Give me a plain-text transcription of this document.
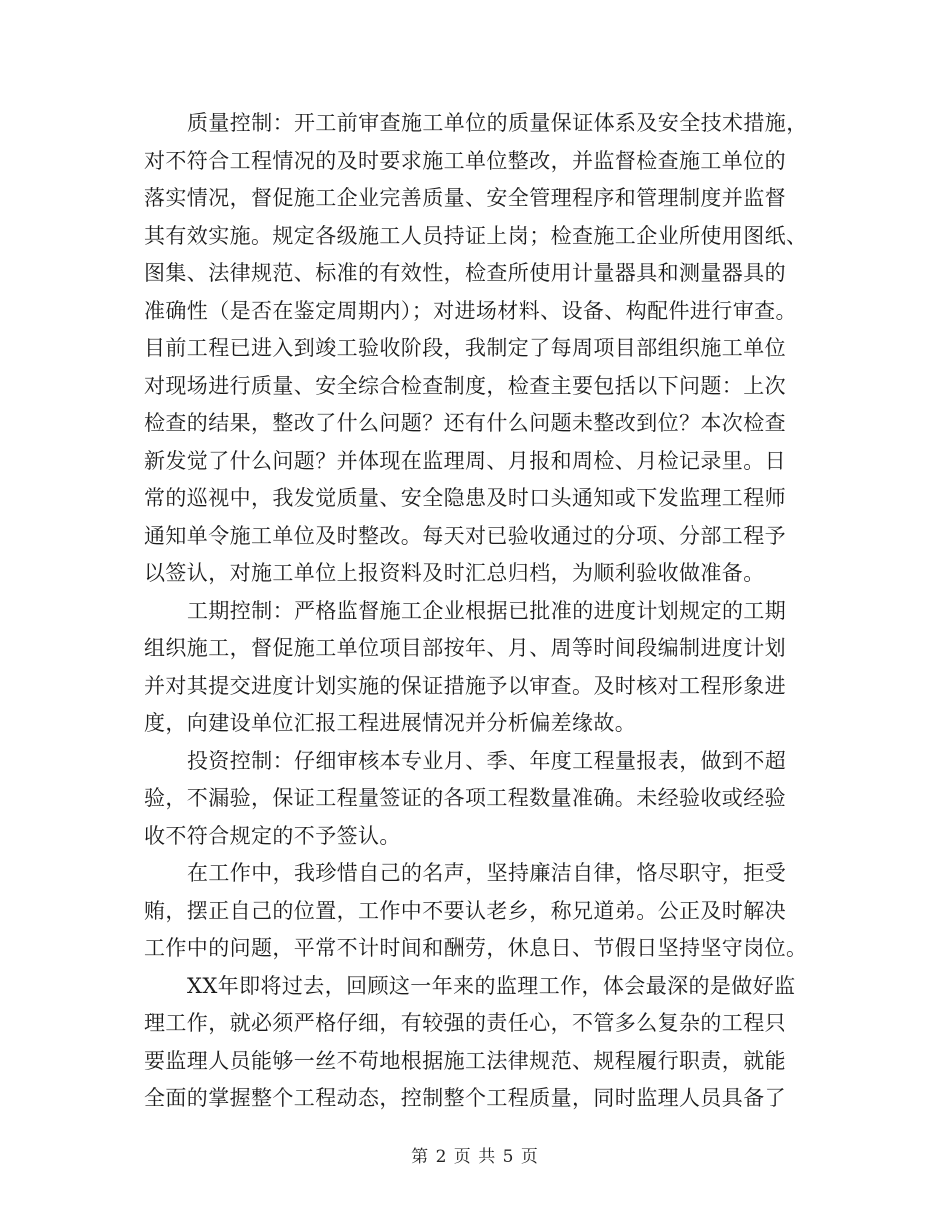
质量控制：开工前审查施工单位的质量保证体系及安全技术措施，
对不符合工程情况的及时要求施工单位整改，并监督检查施工单位的
落实情况，督促施工企业完善质量、安全管理程序和管理制度并监督
其有效实施。规定各级施工人员持证上岗；检查施工企业所使用图纸、
图集、法律规范、标准的有效性，检查所使用计量器具和测量器具的
准确性（是否在鉴定周期内）；对进场材料、设备、构配件进行审查。
目前工程已进入到竣工验收阶段，我制定了每周项目部组织施工单位
对现场进行质量、安全综合检查制度，检查主要包括以下问题：上次
检查的结果，整改了什么问题？还有什么问题未整改到位？本次检查
新发觉了什么问题？并体现在监理周、月报和周检、月检记录里。日
常的巡视中，我发觉质量、安全隐患及时口头通知或下发监理工程师
通知单令施工单位及时整改。每天对已验收通过的分项、分部工程予
以签认，对施工单位上报资料及时汇总归档，为顺利验收做准备。
工期控制：严格监督施工企业根据已批准的进度计划规定的工期
组织施工，督促施工单位项目部按年、月、周等时间段编制进度计划
并对其提交进度计划实施的保证措施予以审查。及时核对工程形象进
度，向建设单位汇报工程进展情况并分析偏差缘故。
投资控制：仔细审核本专业月、季、年度工程量报表，做到不超
验，不漏验，保证工程量签证的各项工程数量准确。未经验收或经验
收不符合规定的不予签认。
在工作中，我珍惜自己的名声，坚持廉洁自律，恪尽职守，拒受
贿，摆正自己的位置，工作中不要认老乡，称兄道弟。公正及时解决
工作中的问题，平常不计时间和酬劳，休息日、节假日坚持坚守岗位。
XX年即将过去，回顾这一年来的监理工作，体会最深的是做好监
理工作，就必须严格仔细，有较强的责任心，不管多么复杂的工程只
要监理人员能够一丝不苟地根据施工法律规范、规程履行职责，就能
全面的掌握整个工程动态，控制整个工程质量，同时监理人员具备了
第 2 页 共 5 页
